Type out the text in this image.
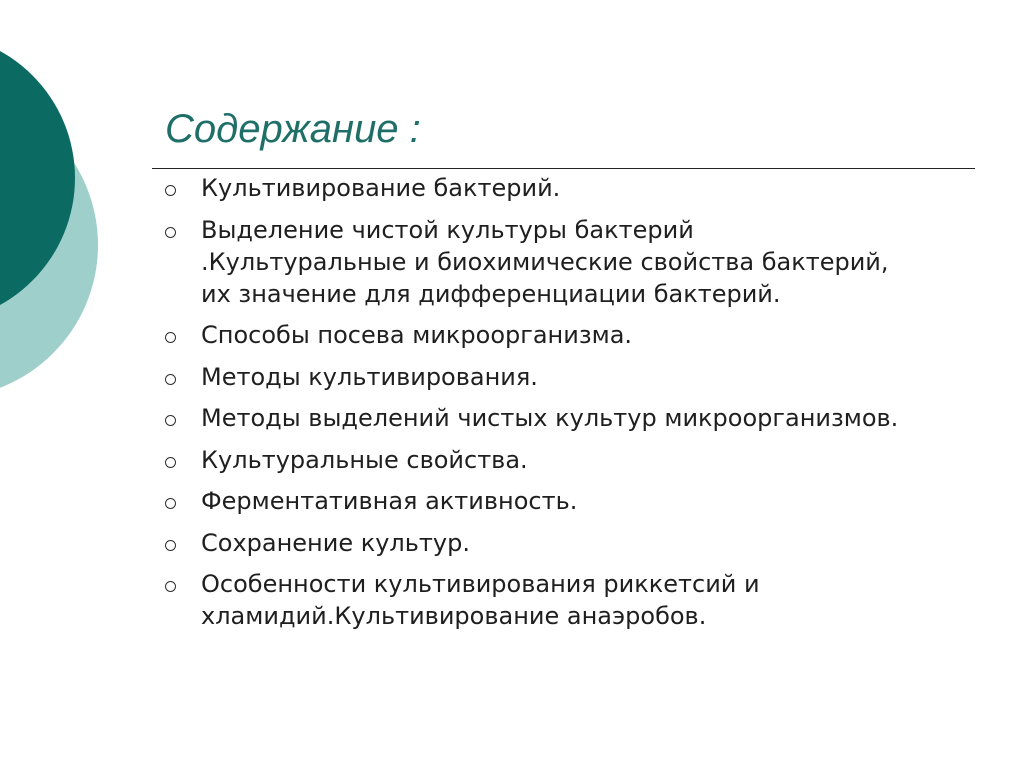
Содержание :
Культивирование бактерий.
Выделение чистой культуры бактерий .Культуральные и биохимические свойства бактерий, их значение для дифференциации бактерий.
Способы посева микроорганизма.
Методы культивирования.
Методы выделений чистых культур микроорганизмов.
Культуральные свойства.
Ферментативная активность.
Сохранение культур.
Особенности культивирования риккетсий и хламидий.Культивирование анаэробов.
